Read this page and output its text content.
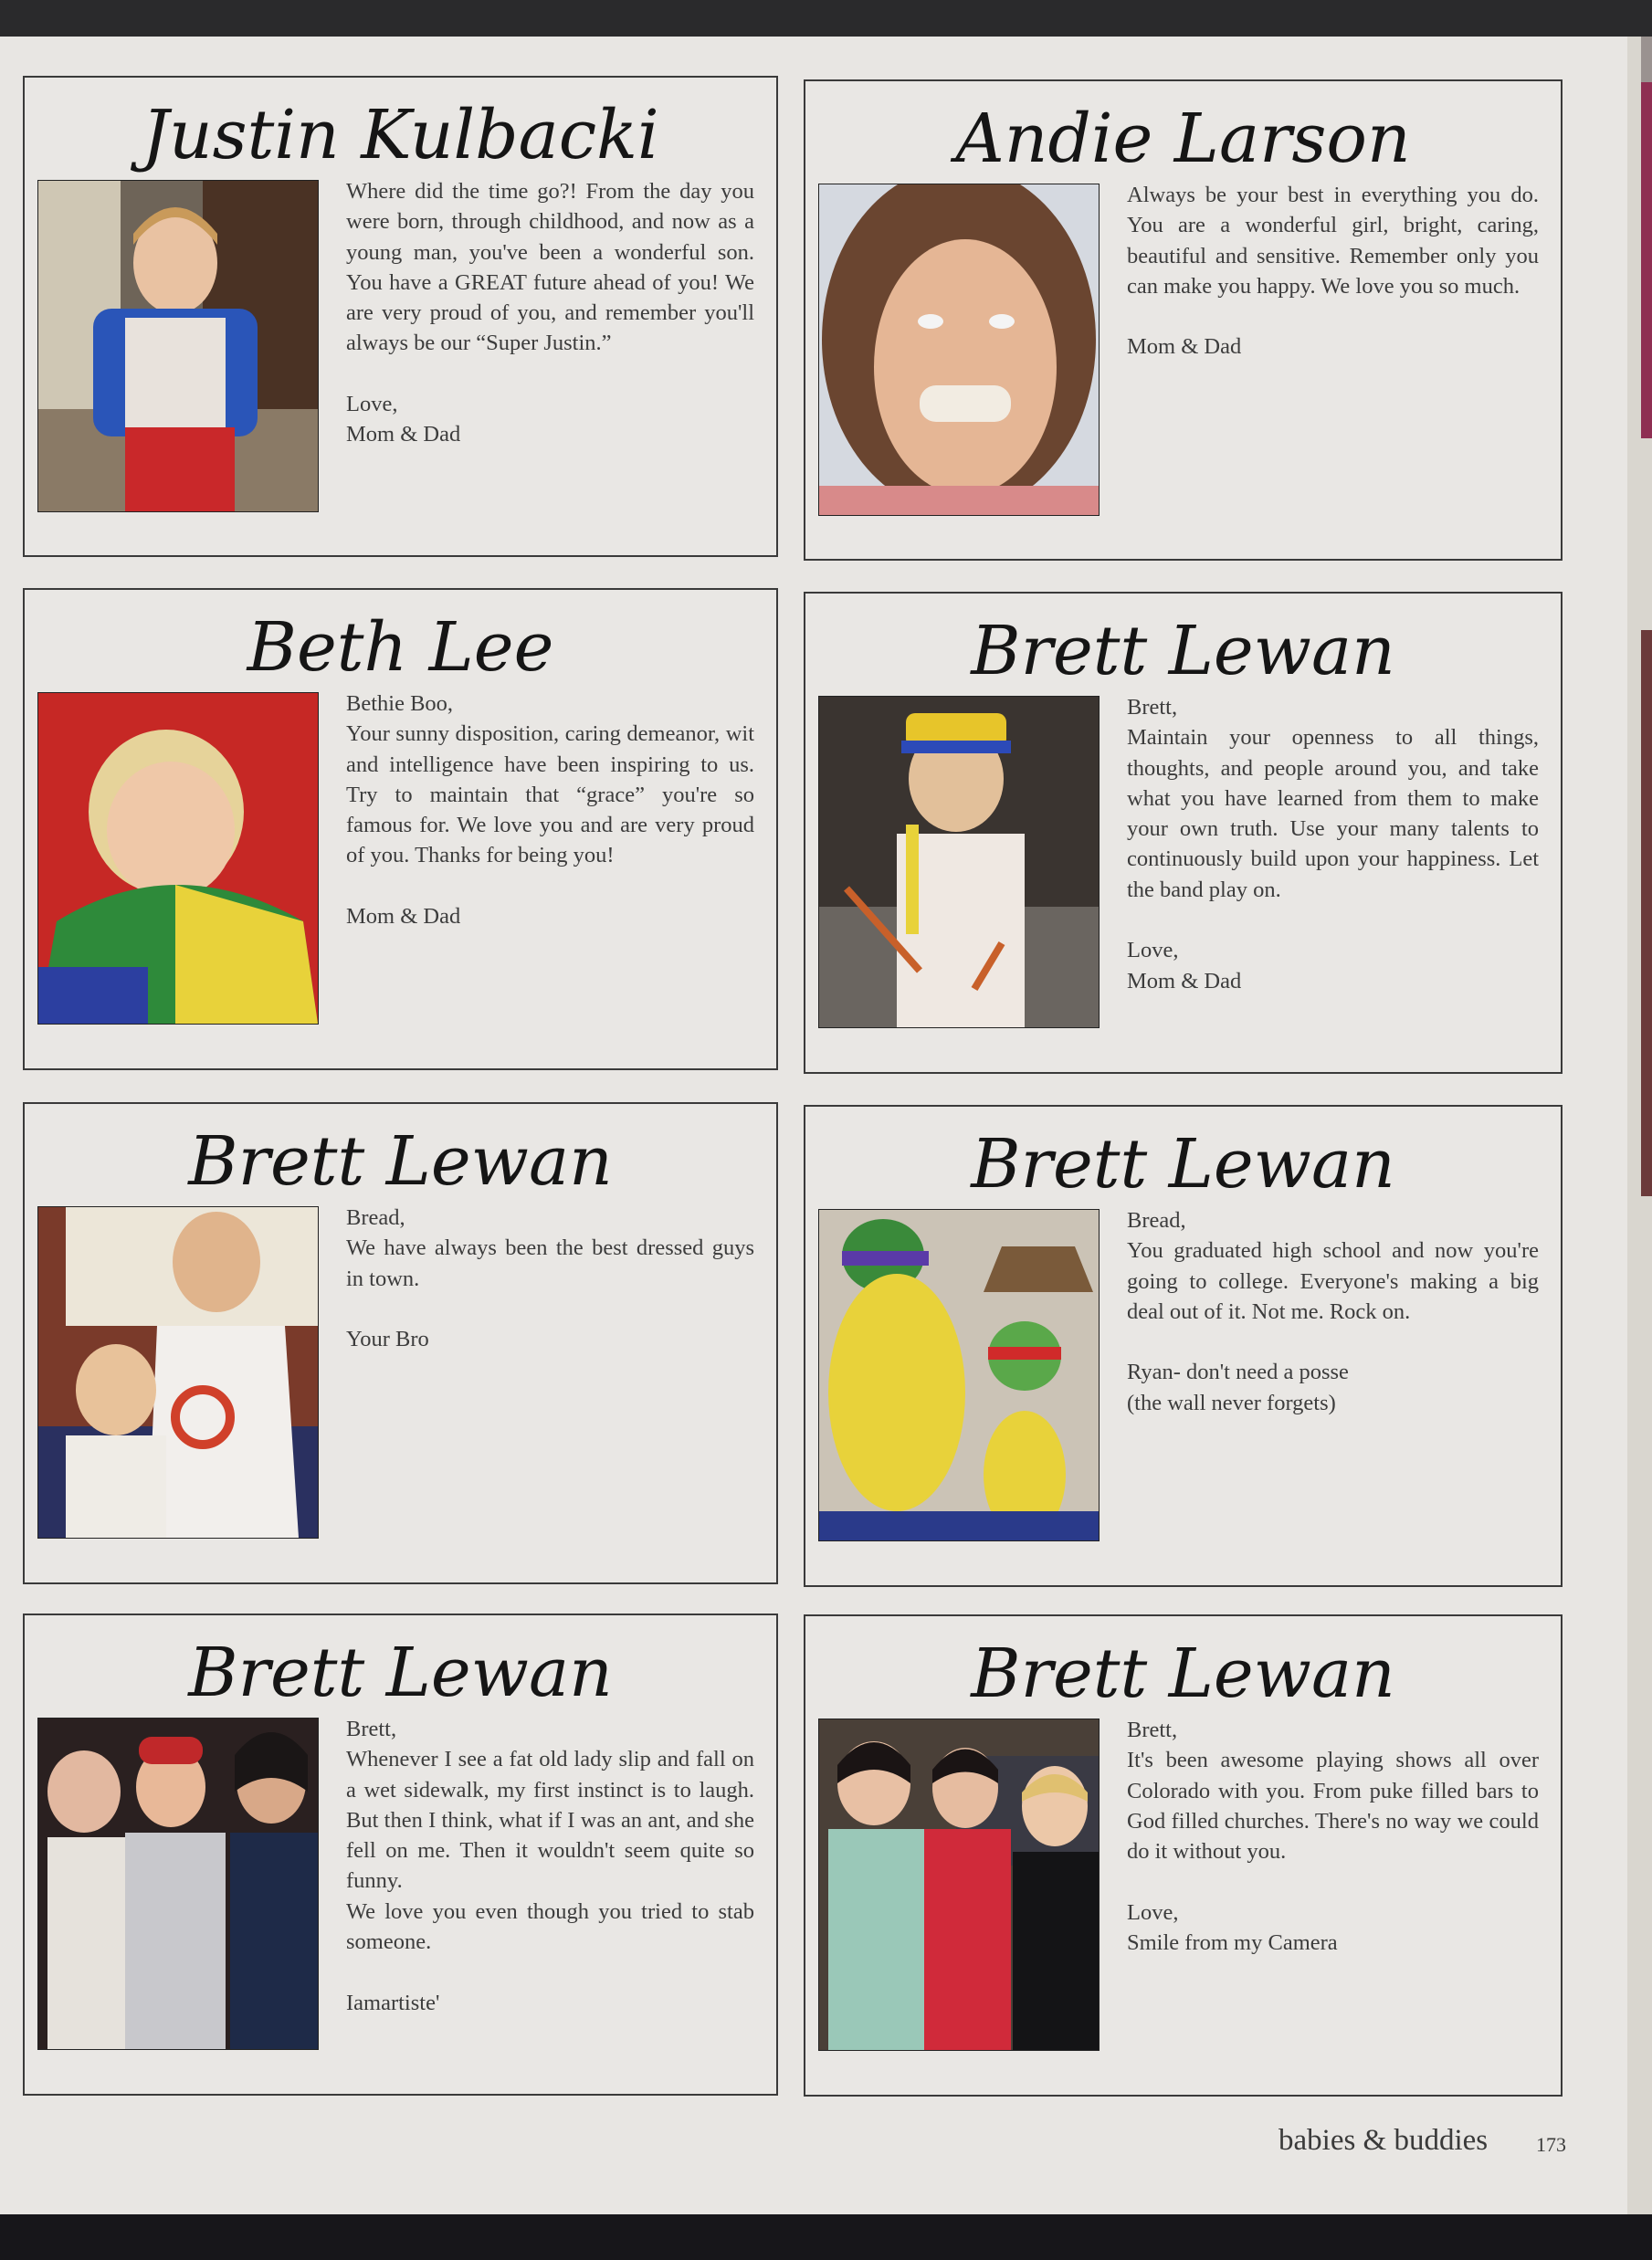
Justin Kulbacki
Where did the time go?! From the day you were born, through childhood, and now as a young man, you've been a wonderful son. You have a GREAT future ahead of you! We are very proud of you, and remember you'll always be our “Super Justin.”

Love,
Mom & Dad
Andie Larson
Always be your best in everything you do. You are a wonderful girl, bright, caring, beautiful and sensitive. Remember only you can make you happy. We love you so much.

Mom & Dad
Beth Lee
Bethie Boo,
Your sunny disposition, caring demeanor, wit and intelligence have been inspiring to us. Try to maintain that “grace” you're so famous for. We love you and are very proud of you. Thanks for being you!

Mom & Dad
Brett Lewan
Brett,
Maintain your openness to all things, thoughts, and people around you, and take what you have learned from them to make your own truth. Use your many talents to continuously build upon your happiness. Let the band play on.

Love,
Mom & Dad
Brett Lewan
Bread,
We have always been the best dressed guys in town.

Your Bro
Brett Lewan
Bread,
You graduated high school and now you're going to college. Everyone's making a big deal out of it. Not me. Rock on.

Ryan- don't need a posse
(the wall never forgets)
Brett Lewan
Brett,
Whenever I see a fat old lady slip and fall on a wet sidewalk, my first instinct is to laugh. But then I think, what if I was an ant, and she fell on me. Then it wouldn't seem quite so funny.
We love you even though you tried to stab someone.

Iamartiste'
Brett Lewan
Brett,
It's been awesome playing shows all over Colorado with you. From puke filled bars to God filled churches. There's no way we could do it without you.

Love,
Smile from my Camera
babies & buddies 173
